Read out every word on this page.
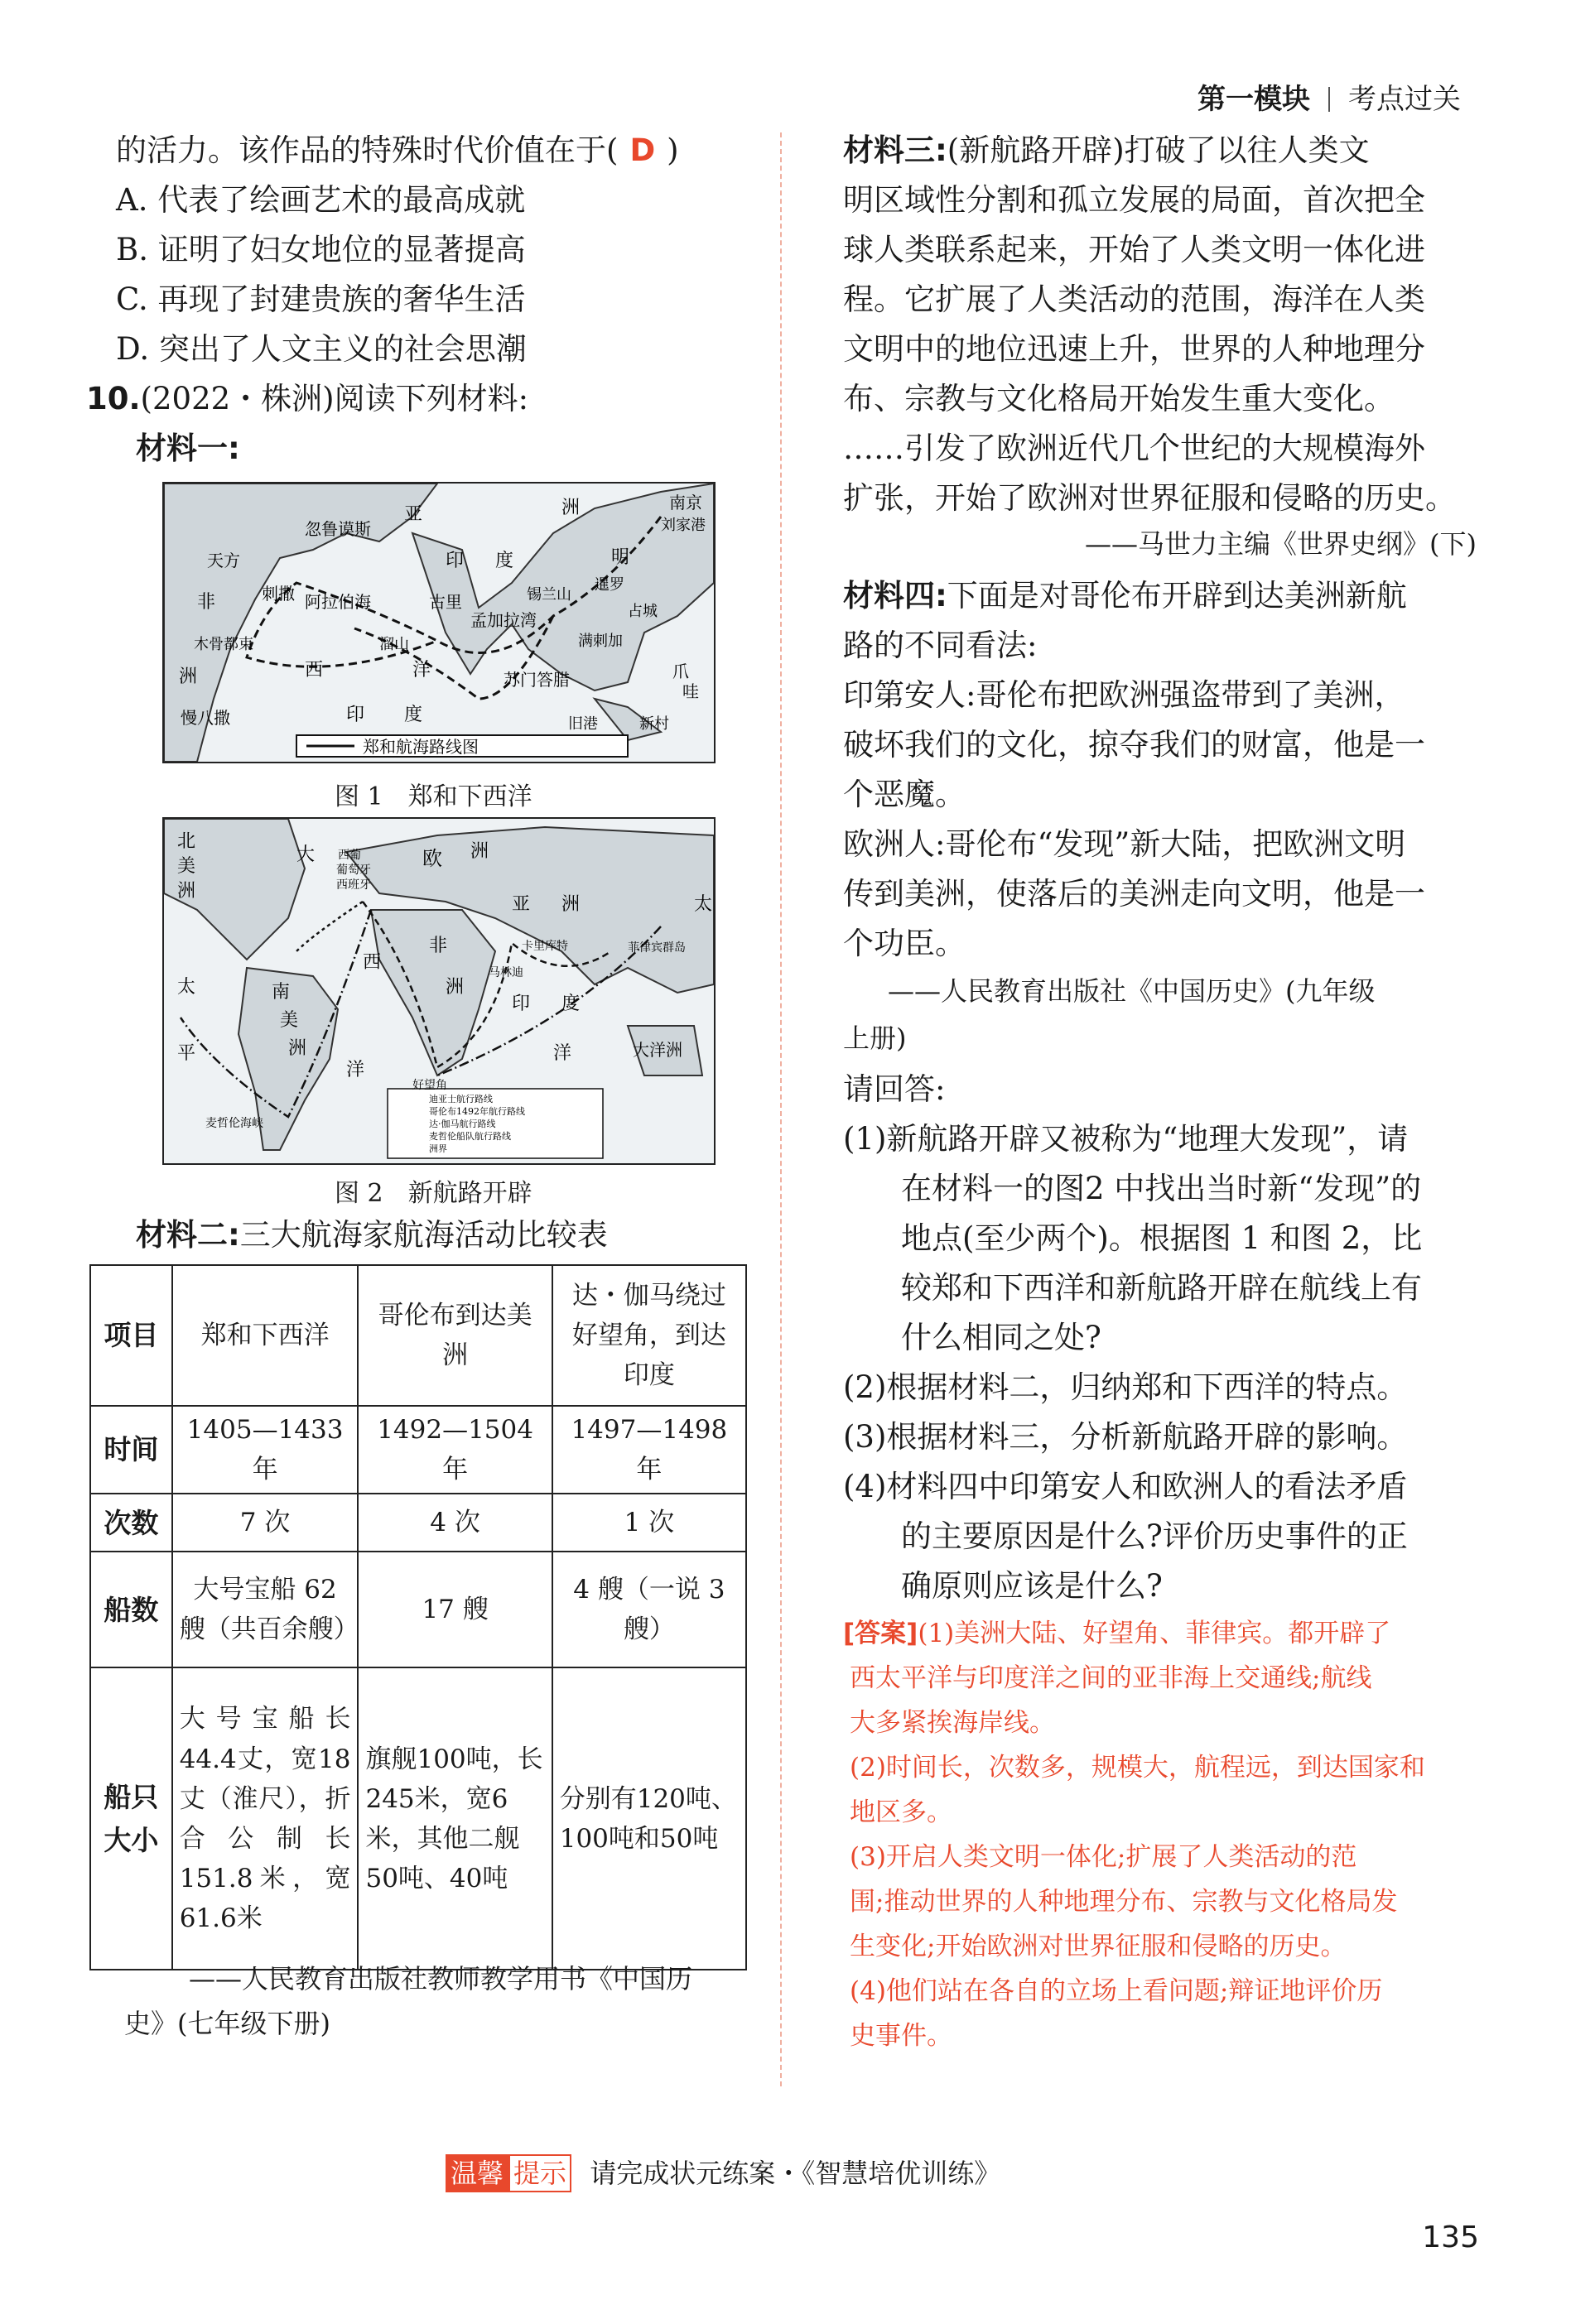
第一模块 考点过关
的活力。该作品的特殊时代价值在于( D )
A. 代表了绘画艺术的最高成就
B. 证明了妇女地位的显著提高
C. 再现了封建贵族的奢华生活
D. 突出了人文主义的社会思潮
10.(2022・株洲)阅读下列材料:
材料一:
郑和航海路线图
亚	洲	南京
刘家港
忽鲁谟斯
天方	印 度	明
刺撒 阿拉伯海	古里
孟加拉湾
满刺加
溜山
非
木骨都束
西	洋	苏门答腊
洲
慢八撒	印 度	旧港	新村
爪
哇
暹罗
占城
锡兰山
图 1　郑和下西洋
迪亚士航行路线
哥伦布1492年航行路线
达·伽马航行路线
麦哲伦船队航行路线
洲界
北
美
洲
大 西葡
葡萄牙
西班牙
欧 洲
亚 洲	太
非
洲
南
美
洲
西
太
平
洋
印 度
洋	大洋洲
卡里库特	菲律宾群岛
马林迪
好望角
麦哲伦海峡
图 2　新航路开辟
材料二:三大航海家航海活动比较表
项目	郑和下西洋	哥伦布到达美洲	达・伽马绕过好望角，到达印度
时间	1405—1433 年	1492—1504 年	1497—1498 年
次数	7 次	4 次	1 次
船数	大号宝船 62 艘（共百余艘）	17 艘	4 艘（一说 3 艘）
船只大小	大号宝船长44.4丈，宽18丈（淮尺），折合公制长151.8米，宽61.6米	旗舰100吨，长245米，宽6米，其他二舰50吨、40吨	分别有120吨、100吨和50吨
——人民教育出版社教师教学用书《中国历
史》(七年级下册)
材料三:(新航路开辟)打破了以往人类文
明区域性分割和孤立发展的局面，首次把全
球人类联系起来，开始了人类文明一体化进
程。它扩展了人类活动的范围，海洋在人类
文明中的地位迅速上升，世界的人种地理分
布、宗教与文化格局开始发生重大变化。
……引发了欧洲近代几个世纪的大规模海外
扩张，开始了欧洲对世界征服和侵略的历史。
——马世力主编《世界史纲》(下)
材料四:下面是对哥伦布开辟到达美洲新航
路的不同看法:
印第安人:哥伦布把欧洲强盗带到了美洲，
破坏我们的文化，掠夺我们的财富，他是一
个恶魔。
欧洲人:哥伦布“发现”新大陆，把欧洲文明
传到美洲，使落后的美洲走向文明，他是一
个功臣。
——人民教育出版社《中国历史》(九年级
上册)
请回答:
(1)新航路开辟又被称为“地理大发现”，请
在材料一的图2 中找出当时新“发现”的
地点(至少两个)。根据图 1 和图 2，比
较郑和下西洋和新航路开辟在航线上有
什么相同之处?
(2)根据材料二，归纳郑和下西洋的特点。
(3)根据材料三，分析新航路开辟的影响。
(4)材料四中印第安人和欧洲人的看法矛盾
的主要原因是什么?评价历史事件的正
确原则应该是什么?
[答案](1)美洲大陆、好望角、菲律宾。都开辟了
西太平洋与印度洋之间的亚非海上交通线;航线
大多紧挨海岸线。
(2)时间长，次数多，规模大，航程远，到达国家和
地区多。
(3)开启人类文明一体化;扩展了人类活动的范
围;推动世界的人种地理分布、宗教与文化格局发
生变化;开始欧洲对世界征服和侵略的历史。
(4)他们站在各自的立场上看问题;辩证地评价历
史事件。
温馨 提示 请完成状元练案・《智慧培优训练》
135
